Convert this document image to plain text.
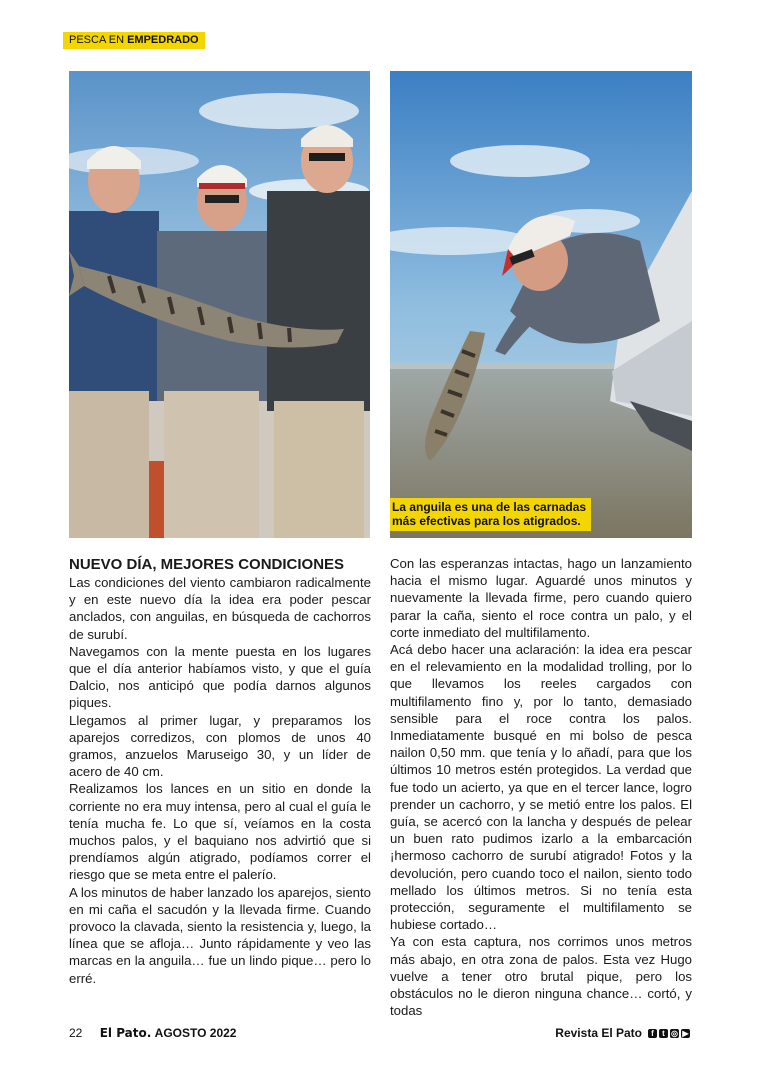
PESCA EN EMPEDRADO
La anguila es una de las carnadas
más efectivas para los atigrados.
NUEVO DÍA, MEJORES CONDICIONES

Las condiciones del viento cambiaron radicalmente y en este nuevo día la idea era poder pescar anclados, con anguilas, en búsqueda de cachorros de surubí.

Navegamos con la mente puesta en los lugares que el día anterior habíamos visto, y que el guía Dalcio, nos anticipó que podía darnos algunos piques.

Llegamos al primer lugar, y preparamos los aparejos corredizos, con plomos de unos 40 gramos, anzuelos Maruseigo 30, y un líder de acero de 40 cm.

Realizamos los lances en un sitio en donde la corriente no era muy intensa, pero al cual el guía le tenía mucha fe. Lo que sí, veíamos en la costa muchos palos, y el baquiano nos advirtió que si prendíamos algún atigrado, podíamos correr el riesgo que se meta entre el palerío.

A los minutos de haber lanzado los aparejos, siento en mi caña el sacudón y la llevada firme. Cuando provoco la clavada, siento la resistencia y, luego, la línea que se afloja… Junto rápidamente y veo las marcas en la anguila… fue un lindo pique… pero lo erré.

Con las esperanzas intactas, hago un lanzamiento hacia el mismo lugar. Aguardé unos minutos y nuevamente la llevada firme, pero cuando quiero parar la caña, siento el roce contra un palo, y el corte inmediato del multifilamento.

Acá debo hacer una aclaración: la idea era pescar en el relevamiento en la modalidad trolling, por lo que llevamos los reeles cargados con multifilamento fino y, por lo tanto, demasiado sensible para el roce contra los palos. Inmediatamente busqué en mi bolso de pesca nailon 0,50 mm. que tenía y lo añadí, para que los últimos 10 metros estén protegidos. La verdad que fue todo un acierto, ya que en el tercer lance, logro prender un cachorro, y se metió entre los palos. El guía, se acercó con la lancha y después de pelear un buen rato pudimos izarlo a la embarcación ¡hermoso cachorro de surubí atigrado! Fotos y la devolución, pero cuando toco el nailon, siento todo mellado los últimos metros. Si no tenía esta protección, seguramente el multifilamento se hubiese cortado…

Ya con esta captura, nos corrimos unos metros más abajo, en otra zona de palos. Esta vez Hugo vuelve a tener otro brutal pique, pero los obstáculos no le dieron ninguna chance… cortó, y todas

22 El Pato. AGOSTO 2022	Revista El Pato	f	t ◎ ▶
